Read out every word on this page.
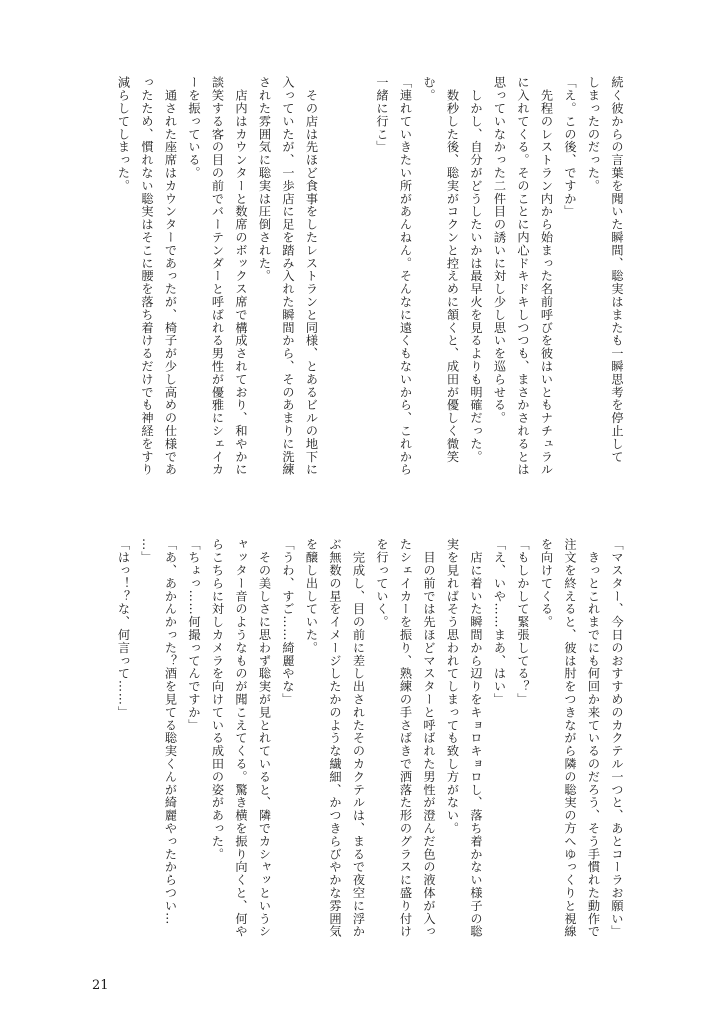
続く彼からの言葉を聞いた瞬間、聡実はまたも一瞬思考を停止して
しまったのだった。
「え。この後、ですか」
　先程のレストラン内から始まった名前呼びを彼はいともナチュラル
に入れてくる。そのことに内心ドキドキしつつも、まさかされるとは
思っていなかった二件目の誘いに対し少し思いを巡らせる。
　しかし、自分がどうしたいかは最早火を見るよりも明確だった。
　数秒した後、聡実がコクンと控えめに頷くと、成田が優しく微笑
む。
「連れていきたい所があんねん。そんなに遠くもないから、これから
一緒に行こ」

　その店は先ほど食事をしたレストランと同様、とあるビルの地下に
入っていたが、一歩店に足を踏み入れた瞬間から、そのあまりに洗練
された雰囲気に聡実は圧倒された。
　店内はカウンターと数席のボックス席で構成されており、和やかに
談笑する客の目の前でバーテンダーと呼ばれる男性が優雅にシェイカ
ーを振っている。
　通された座席はカウンターであったが、椅子が少し高めの仕様であ
ったため、慣れない聡実はそこに腰を落ち着けるだけでも神経をすり
減らしてしまった。
「マスター、今日のおすすめのカクテル一つと、あとコーラお願い」
　きっとこれまでにも何回か来ているのだろう、そう手慣れた動作で
注文を終えると、彼は肘をつきながら隣の聡実の方へゆっくりと視線
を向けてくる。
「もしかして緊張してる？」
「え、いや……まあ、はい」
　店に着いた瞬間から辺りをキョロキョロし、落ち着かない様子の聡
実を見ればそう思われてしまっても致し方がない。
　目の前では先ほどマスターと呼ばれた男性が澄んだ色の液体が入っ
たシェイカーを振り、熟練の手さばきで洒落た形のグラスに盛り付け
を行っていく。
　完成し、目の前に差し出されたそのカクテルは、まるで夜空に浮か
ぶ無数の星をイメージしたかのような繊細、かつきらびやかな雰囲気
を醸し出していた。
「うわ、すご……綺麗やな」
　その美しさに思わず聡実が見とれていると、隣でカシャッというシ
ャッター音のようなものが聞こえてくる。驚き横を振り向くと、何や
らこちらに対しカメラを向けている成田の姿があった。
「ちょっ……何撮ってんですか」
「あ、あかんかった？酒を見てる聡実くんが綺麗やったからつい…
…」
「はっ！？な、何言って……」
21
